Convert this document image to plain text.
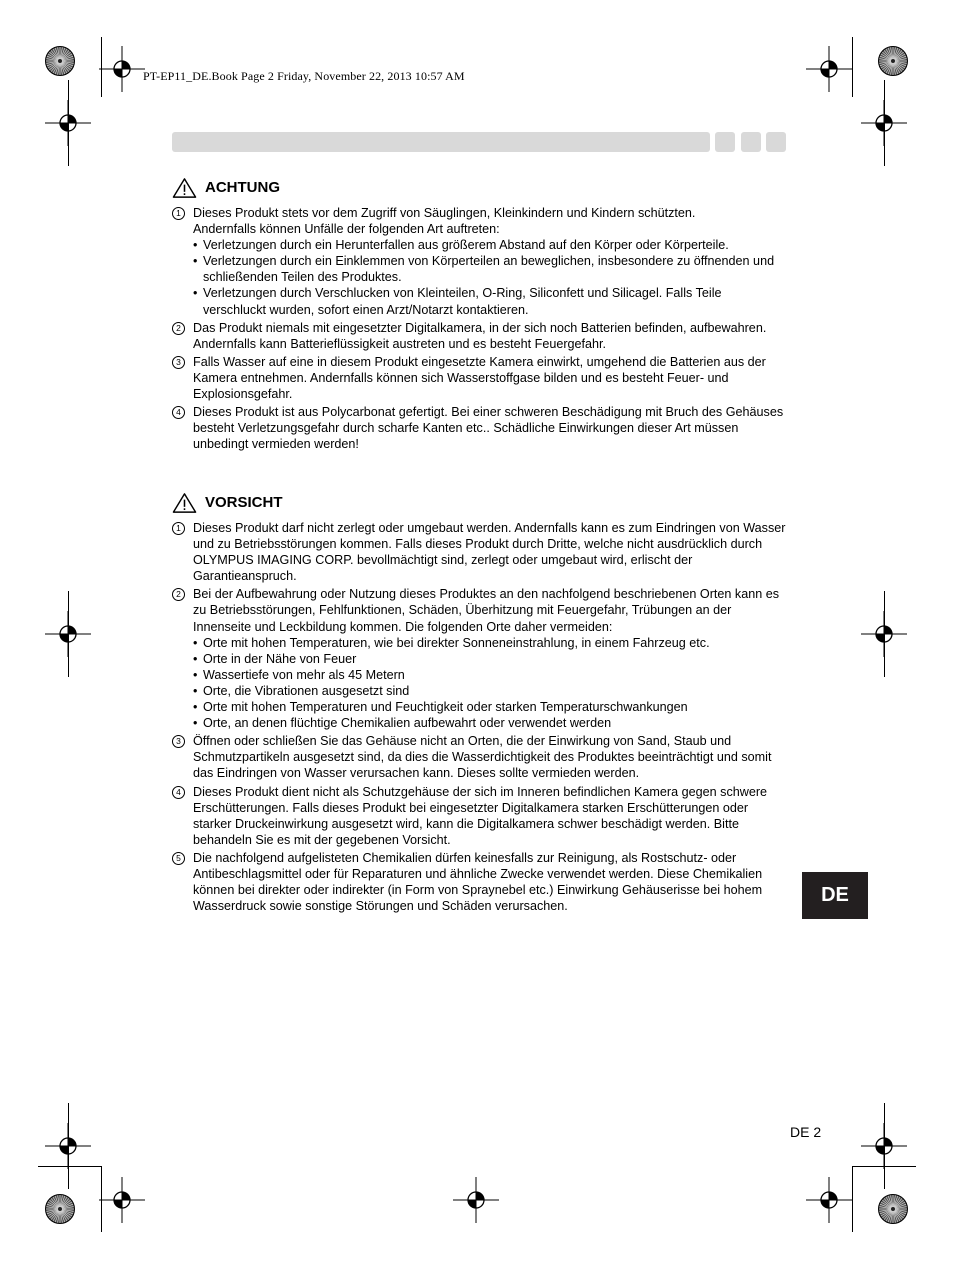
PT-EP11_DE.Book Page 2 Friday, November 22, 2013 10:57 AM
ACHTUNG
1 Dieses Produkt stets vor dem Zugriff von Säuglingen, Kleinkindern und Kindern schützten.
Andernfalls können Unfälle der folgenden Art auftreten:
• Verletzungen durch ein Herunterfallen aus größerem Abstand auf den Körper oder Körperteile.
• Verletzungen durch ein Einklemmen von Körperteilen an beweglichen, insbesondere zu öffnenden und schließenden Teilen des Produktes.
• Verletzungen durch Verschlucken von Kleinteilen, O-Ring, Siliconfett und Silicagel. Falls Teile verschluckt wurden, sofort einen Arzt/Notarzt kontaktieren.
2 Das Produkt niemals mit eingesetzter Digitalkamera, in der sich noch Batterien befinden, aufbewahren.
Andernfalls kann Batterieflüssigkeit austreten und es besteht Feuergefahr.
3 Falls Wasser auf eine in diesem Produkt eingesetzte Kamera einwirkt, umgehend die Batterien aus der Kamera entnehmen. Andernfalls können sich Wasserstoffgase bilden und es besteht Feuer- und Explosionsgefahr.
4 Dieses Produkt ist aus Polycarbonat gefertigt. Bei einer schweren Beschädigung mit Bruch des Gehäuses besteht Verletzungsgefahr durch scharfe Kanten etc.. Schädliche Einwirkungen dieser Art müssen unbedingt vermieden werden!
VORSICHT
1 Dieses Produkt darf nicht zerlegt oder umgebaut werden. Andernfalls kann es zum Eindringen von Wasser und zu Betriebsstörungen kommen. Falls dieses Produkt durch Dritte, welche nicht ausdrücklich durch OLYMPUS IMAGING CORP. bevollmächtigt sind, zerlegt oder umgebaut wird, erlischt der Garantieanspruch.
2 Bei der Aufbewahrung oder Nutzung dieses Produktes an den nachfolgend beschriebenen Orten kann es zu Betriebsstörungen, Fehlfunktionen, Schäden, Überhitzung mit Feuergefahr, Trübungen an der Innenseite und Leckbildung kommen. Die folgenden Orte daher vermeiden:
• Orte mit hohen Temperaturen, wie bei direkter Sonneneinstrahlung, in einem Fahrzeug etc.
• Orte in der Nähe von Feuer
• Wassertiefe von mehr als 45 Metern
• Orte, die Vibrationen ausgesetzt sind
• Orte mit hohen Temperaturen und Feuchtigkeit oder starken Temperaturschwankungen
• Orte, an denen flüchtige Chemikalien aufbewahrt oder verwendet werden
3 Öffnen oder schließen Sie das Gehäuse nicht an Orten, die der Einwirkung von Sand, Staub und Schmutzpartikeln ausgesetzt sind, da dies die Wasserdichtigkeit des Produktes beeinträchtigt und somit das Eindringen von Wasser verursachen kann. Dieses sollte vermieden werden.
4 Dieses Produkt dient nicht als Schutzgehäuse der sich im Inneren befindlichen Kamera gegen schwere Erschütterungen. Falls dieses Produkt bei eingesetzter Digitalkamera starken Erschütterungen oder starker Druckeinwirkung ausgesetzt wird, kann die Digitalkamera schwer beschädigt werden. Bitte behandeln Sie es mit der gegebenen Vorsicht.
5 Die nachfolgend aufgelisteten Chemikalien dürfen keinesfalls zur Reinigung, als Rostschutz- oder Antibeschlagsmittel oder für Reparaturen und ähnliche Zwecke verwendet werden. Diese Chemikalien können bei direkter oder indirekter (in Form von Spraynebel etc.) Einwirkung Gehäuserisse bei hohem Wasserdruck sowie sonstige Störungen und Schäden verursachen.
DE
DE 2
